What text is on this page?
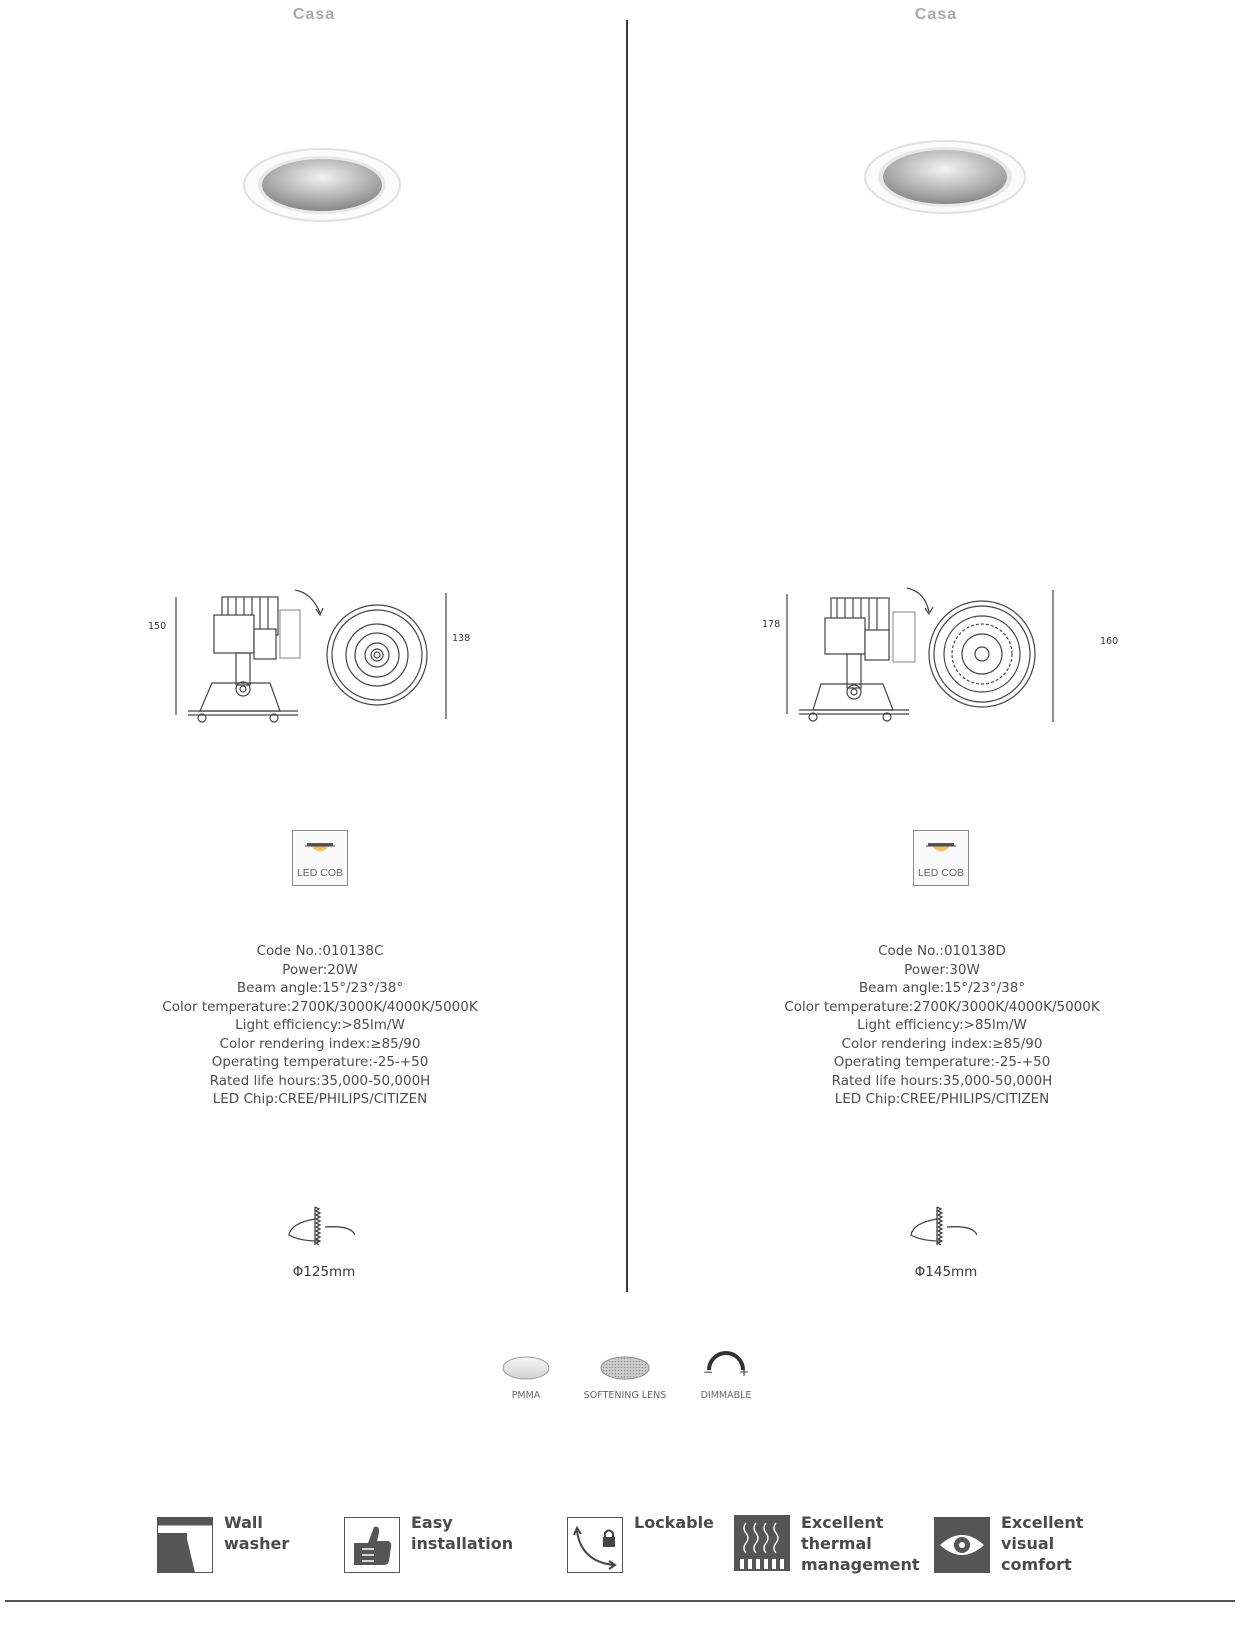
Casa	Casa
150
138
178
160
LED COB	LED COB
Code No.:010138C
Power:20W
Beam angle:15°/23°/38°
Color temperature:2700K/3000K/4000K/5000K
Light efficiency:>85lm/W
Color rendering index:≥85/90
Operating temperature:-25-+50
Rated life hours:35,000-50,000H
LED Chip:CREE/PHILIPS/CITIZEN
Code No.:010138D
Power:30W
Beam angle:15°/23°/38°
Color temperature:2700K/3000K/4000K/5000K
Light efficiency:>85lm/W
Color rendering index:≥85/90
Operating temperature:-25-+50
Rated life hours:35,000-50,000H
LED Chip:CREE/PHILIPS/CITIZEN
Φ125mm	Φ145mm
PMMA	SOFTENING LENS
− +
DIMMABLE
Wall washer
Easy installation
Lockable	Excellent thermal management
Excellent visual comfort
